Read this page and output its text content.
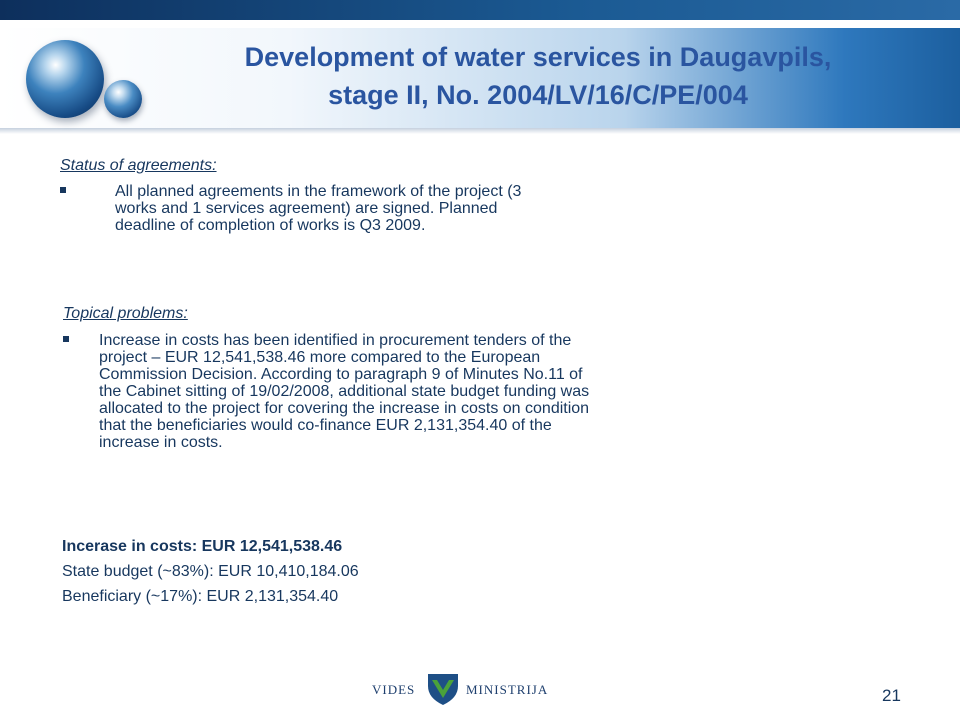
Development of water services in Daugavpils,
stage II, No. 2004/LV/16/C/PE/004
Status of agreements:
All planned agreements in the framework of the project (3 works and 1 services agreement) are signed. Planned deadline of completion of works is Q3 2009.
Topical problems:
Increase in costs has been identified in procurement tenders of the project – EUR 12,541,538.46 more compared to the European Commission Decision. According to paragraph 9 of Minutes No.11 of the Cabinet sitting of 19/02/2008, additional state budget funding was allocated to the project for covering the increase in costs on condition that the beneficiaries would co-finance EUR 2,131,354.40 of the increase in costs.
Incerase in costs: EUR 12,541,538.46
State budget (~83%): EUR 10,410,184.06
Beneficiary (~17%): EUR 2,131,354.40
VIDES	MINISTRIJA	21
